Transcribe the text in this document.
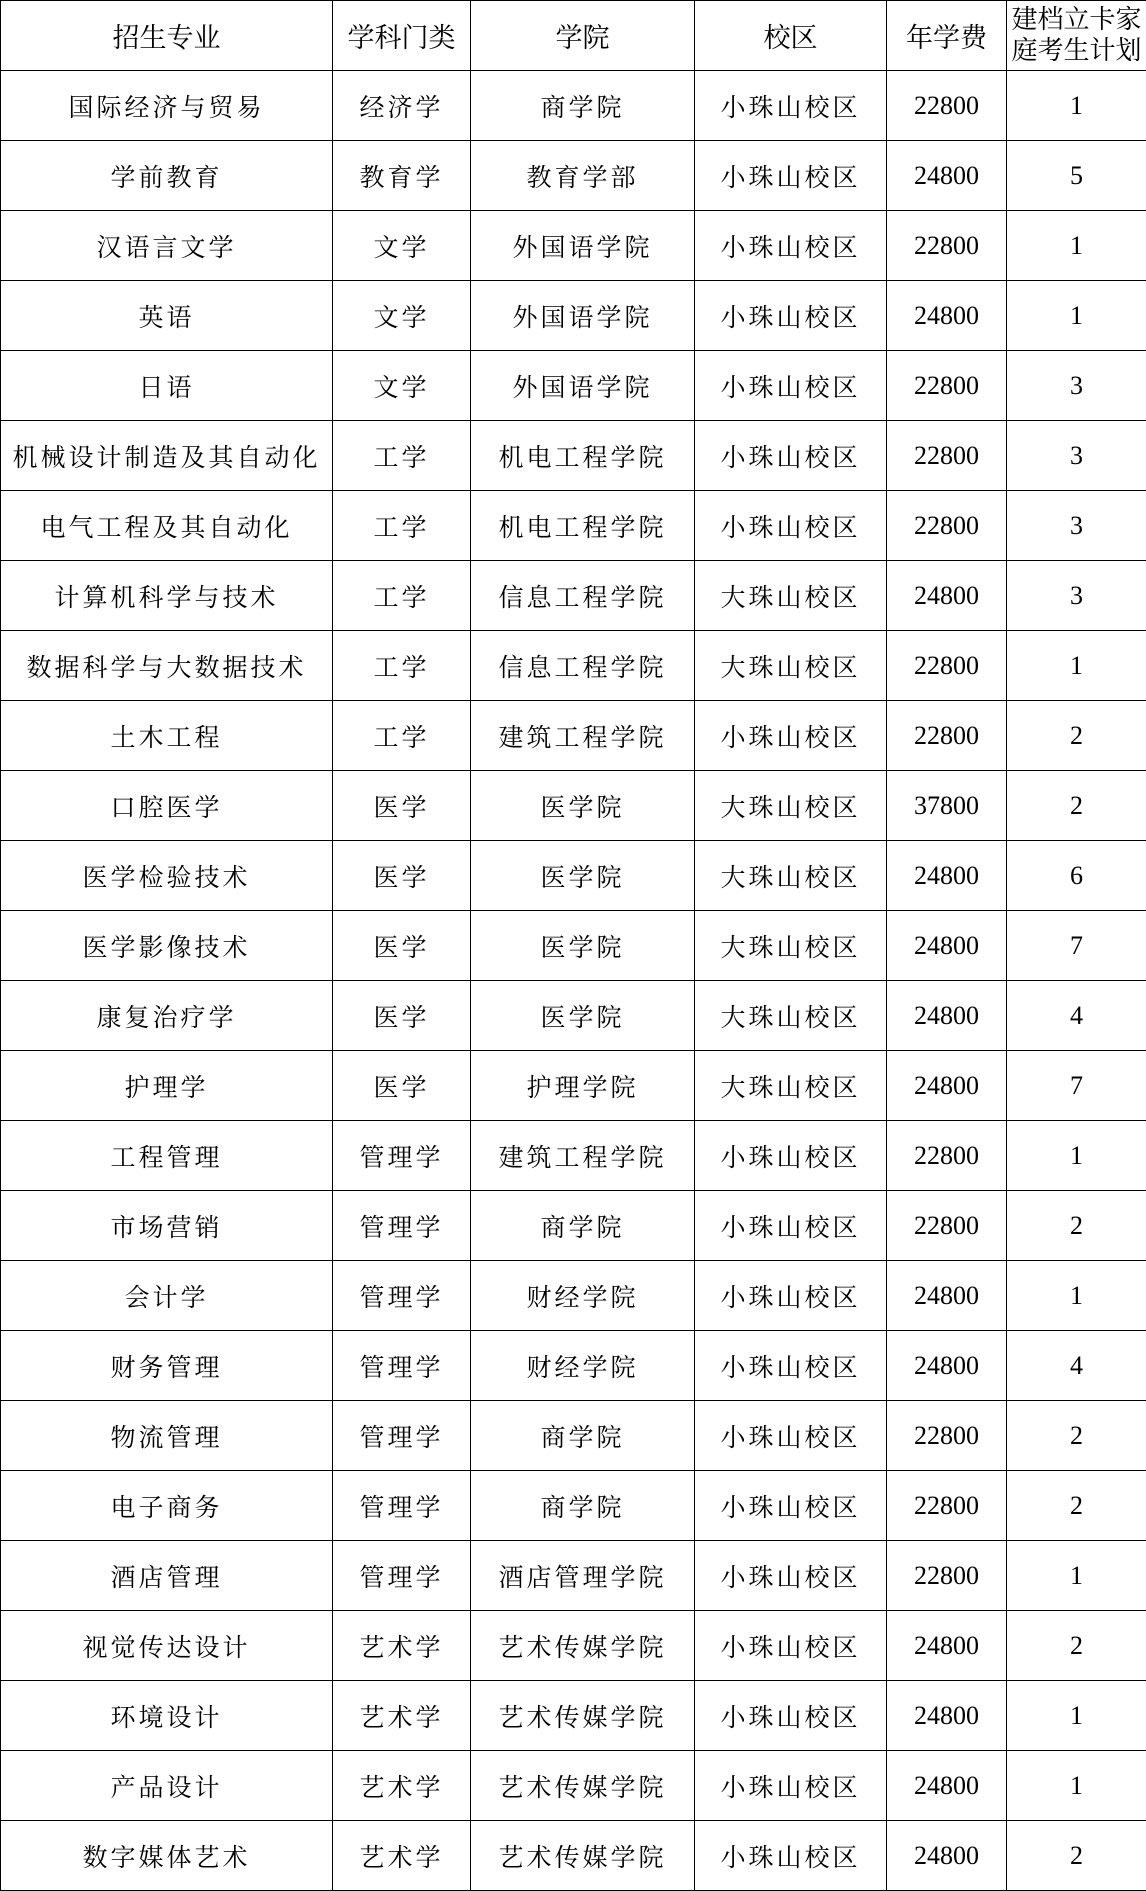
招生专业	学科门类	学院	校区	年学费	建档立卡家庭考生计划
国际经济与贸易	经济学	商学院	小珠山校区	22800	1
学前教育	教育学	教育学部	小珠山校区	24800	5
汉语言文学	文学	外国语学院	小珠山校区	22800	1
英语	文学	外国语学院	小珠山校区	24800	1
日语	文学	外国语学院	小珠山校区	22800	3
机械设计制造及其自动化	工学	机电工程学院	小珠山校区	22800	3
电气工程及其自动化	工学	机电工程学院	小珠山校区	22800	3
计算机科学与技术	工学	信息工程学院	大珠山校区	24800	3
数据科学与大数据技术	工学	信息工程学院	大珠山校区	22800	1
土木工程	工学	建筑工程学院	小珠山校区	22800	2
口腔医学	医学	医学院	大珠山校区	37800	2
医学检验技术	医学	医学院	大珠山校区	24800	6
医学影像技术	医学	医学院	大珠山校区	24800	7
康复治疗学	医学	医学院	大珠山校区	24800	4
护理学	医学	护理学院	大珠山校区	24800	7
工程管理	管理学	建筑工程学院	小珠山校区	22800	1
市场营销	管理学	商学院	小珠山校区	22800	2
会计学	管理学	财经学院	小珠山校区	24800	1
财务管理	管理学	财经学院	小珠山校区	24800	4
物流管理	管理学	商学院	小珠山校区	22800	2
电子商务	管理学	商学院	小珠山校区	22800	2
酒店管理	管理学	酒店管理学院	小珠山校区	22800	1
视觉传达设计	艺术学	艺术传媒学院	小珠山校区	24800	2
环境设计	艺术学	艺术传媒学院	小珠山校区	24800	1
产品设计	艺术学	艺术传媒学院	小珠山校区	24800	1
数字媒体艺术	艺术学	艺术传媒学院	小珠山校区	24800	2
